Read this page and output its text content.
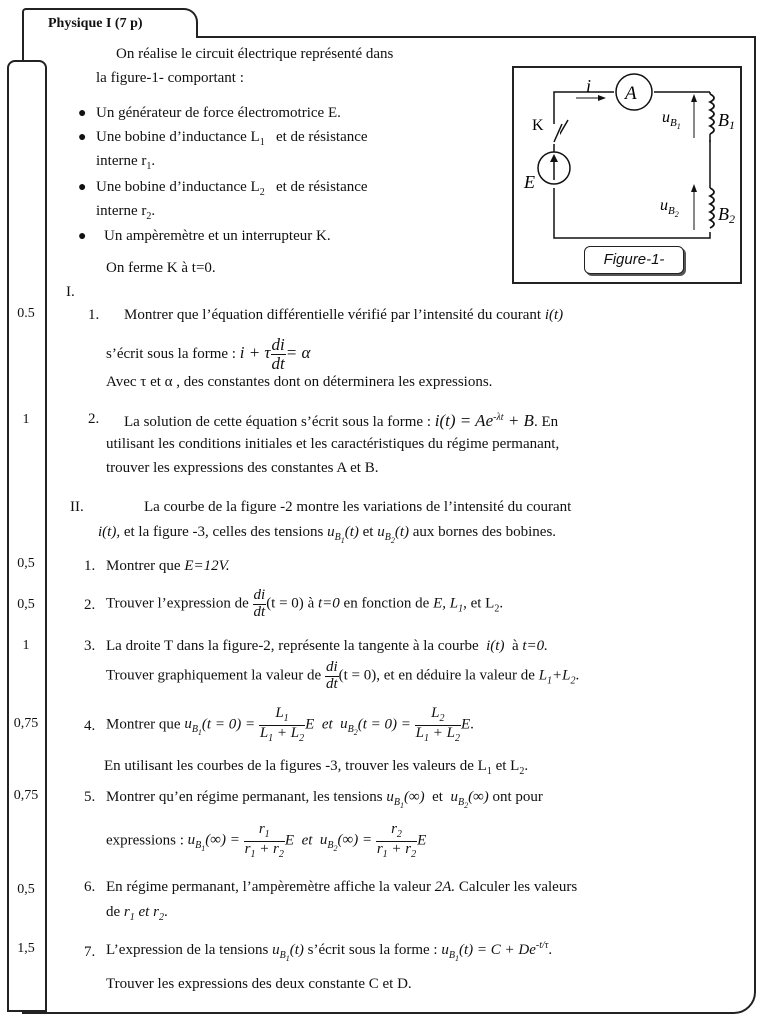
Physique I (7 p)
0.5
1
0,5
0,5
1
0,75
0,75
0,5
1,5
On réalise le circuit électrique représenté dans
la figure-1- comportant :
● Un générateur de force électromotrice E.
● Une bobine d’inductance $L_1$ et de résistance
interne $r_1$.
● Une bobine d’inductance $L_2$ et de résistance
interne $r_2$.
● Un ampèremètre et un interrupteur K.
On ferme K à t=0.
A
i
K
E
B1
B2
$u_B1$
$u_B2$
Figure-1-
I.
1. Montrer que l’équation différentielle vérifié par l’intensité du courant i(t)
s’écrit sous la forme : i + τ $\frac{di}{dt} = \alpha$
Avec τ et α , des constantes dont on déterminera les expressions.
2. La solution de cette équation s’écrit sous la forme : $i(t) = Ae^{-\lambda t} + B$. En
utilisant les conditions initiales et les caractéristiques du régime permanant,
trouver les expressions des constantes A et B.
II.	La courbe de la figure -2 montre les variations de l’intensité du courant
i(t), et la figure -3, celles des tensions $u_{B_1}(t)$ et $u_{B_2}(t)$ aux bornes des bobines.
1. Montrer que E=12V.
2. Trouver l’expression de $\frac{di}{dt} (t = 0)$ à t=0 en fonction de E, $L_1$, et $L_2$.
3. La droite T dans la figure-2, représente la tangente à la courbe i(t) à t=0.
Trouver graphiquement la valeur de $\frac{di}{dt} (t = 0)$, et en déduire la valeur de $L_1+L_2$.
4. Montrer que $u_{B_1}(t = 0) = \frac{L_1}{L_1 + L_2}$ E et $u_{B_2}(t = 0) = \frac{L_2}{L_1 + L_2} E$.
En utilisant les courbes de la figures -3, trouver les valeurs de $L_1$ et $L_2$.
5. Montrer qu’en régime permanant, les tensions $u_{B_1}(\infty)$ et $u_{B_2}(\infty)$ ont pour
expressions : $u_{B_1}(\infty) = \frac{r_1}{r_1 + r_2}$ E et $u_{B_2}(\infty) = \frac{r_2}{r_1 + r_2}$ E
6. En régime permanant, l’ampèremètre affiche la valeur 2A. Calculer les valeurs
de $r_1$ et $r_2$.
7. L’expression de la tensions $u_{B_1}(t)$ s’écrit sous la forme : $u_{B_1}(t) = C + De^{-t/\tau}$.
Trouver les expressions des deux constante C et D.
